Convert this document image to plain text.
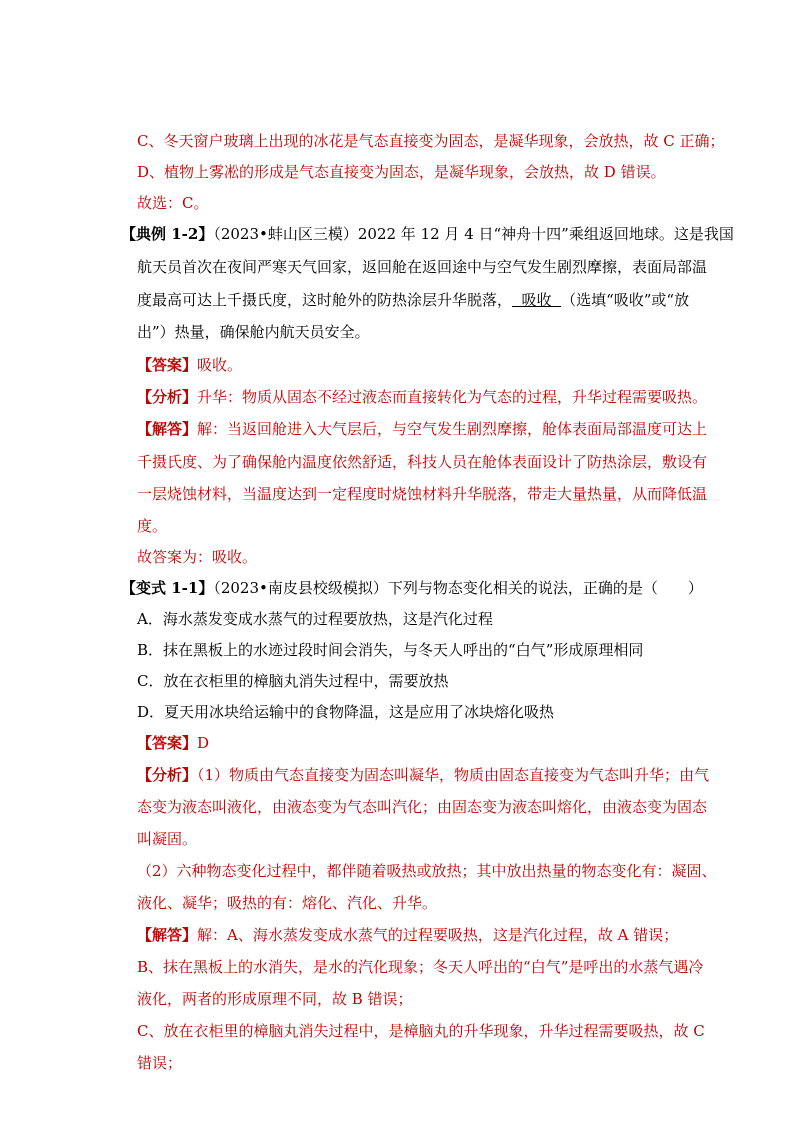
C、冬天窗户玻璃上出现的冰花是气态直接变为固态，是凝华现象，会放热，故 C 正确；
D、植物上雾凇的形成是气态直接变为固态，是凝华现象，会放热，故 D 错误。
故选：C。
【典例 1-2】（2023•蚌山区三模）2022 年 12 月 4 日“神舟十四”乘组返回地球。这是我国
航天员首次在夜间严寒天气回家，返回舱在返回途中与空气发生剧烈摩擦，表面局部温
度最高可达上千摄氏度，这时舱外的防热涂层升华脱落，  吸收  （选填“吸收”或“放
出”）热量，确保舱内航天员安全。
【答案】吸收。
【分析】升华：物质从固态不经过液态而直接转化为气态的过程，升华过程需要吸热。
【解答】解：当返回舱进入大气层后，与空气发生剧烈摩擦，舱体表面局部温度可达上
千摄氏度、为了确保舱内温度依然舒适，科技人员在舱体表面设计了防热涂层，敷设有
一层烧蚀材料，当温度达到一定程度时烧蚀材料升华脱落，带走大量热量，从而降低温
度。
故答案为：吸收。
【变式 1-1】（2023•南皮县校级模拟）下列与物态变化相关的说法，正确的是（　　）
A．海水蒸发变成水蒸气的过程要放热，这是汽化过程
B．抹在黑板上的水迹过段时间会消失，与冬天人呼出的“白气”形成原理相同
C．放在衣柜里的樟脑丸消失过程中，需要放热
D．夏天用冰块给运输中的食物降温，这是应用了冰块熔化吸热
【答案】D
【分析】（1）物质由气态直接变为固态叫凝华，物质由固态直接变为气态叫升华；由气
态变为液态叫液化，由液态变为气态叫汽化；由固态变为液态叫熔化，由液态变为固态
叫凝固。
（2）六种物态变化过程中，都伴随着吸热或放热；其中放出热量的物态变化有：凝固、
液化、凝华；吸热的有：熔化、汽化、升华。
【解答】解：A、海水蒸发变成水蒸气的过程要吸热，这是汽化过程，故 A 错误；
B、抹在黑板上的水消失，是水的汽化现象；冬天人呼出的“白气”是呼出的水蒸气遇冷
液化，两者的形成原理不同，故 B 错误；
C、放在衣柜里的樟脑丸消失过程中，是樟脑丸的升华现象，升华过程需要吸热，故 C
错误；
